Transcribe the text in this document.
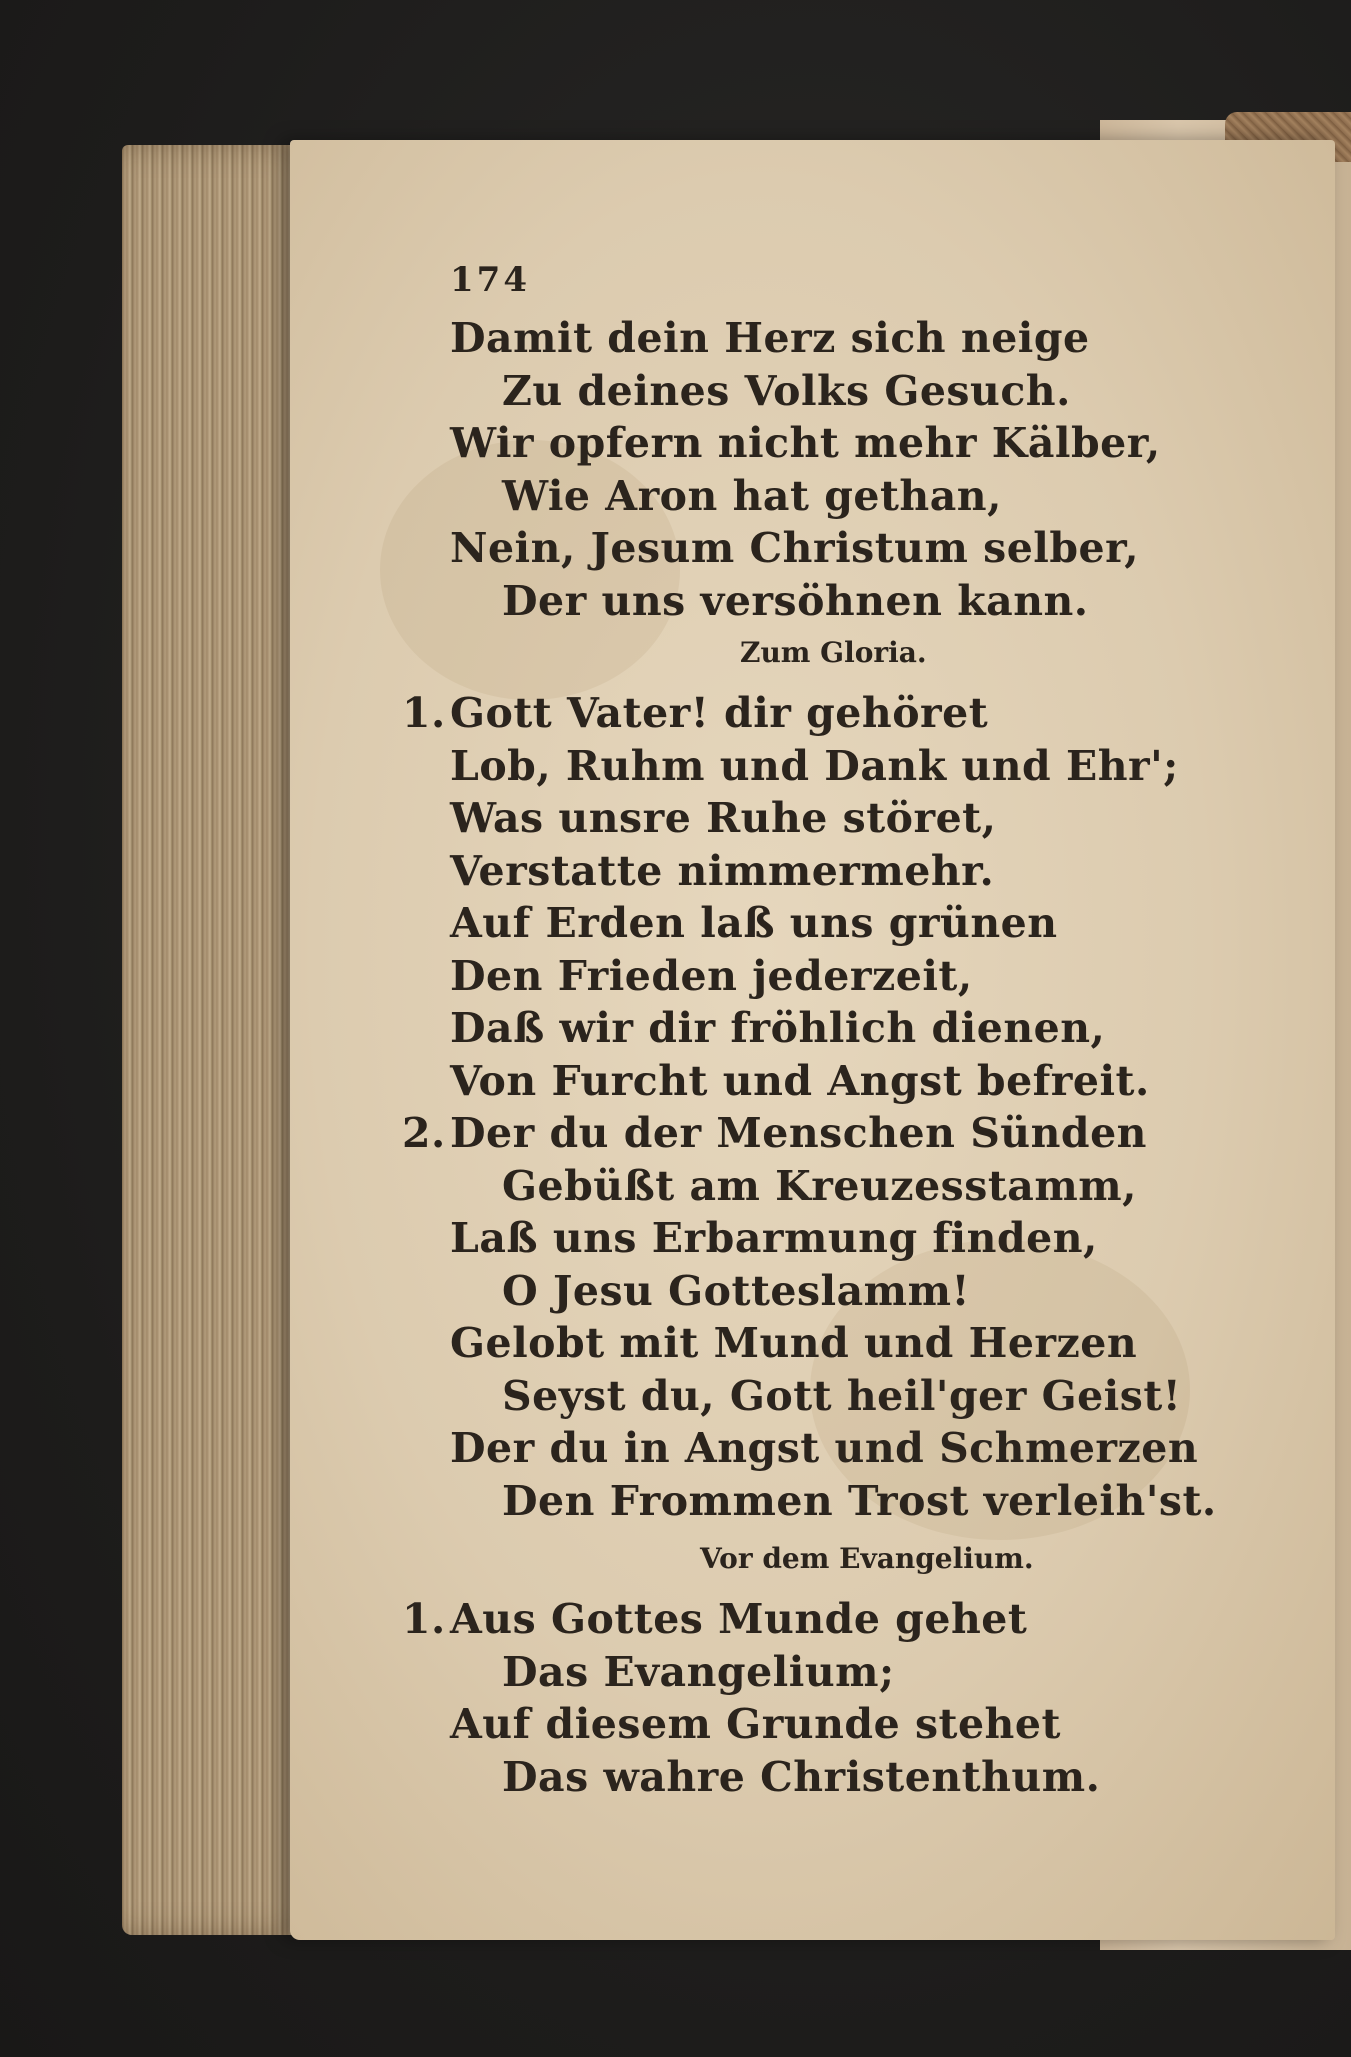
174
Damit dein Herz sich neige
Zu deines Volks Gesuch.
Wir opfern nicht mehr Kälber,
Wie Aron hat gethan,
Nein, Jesum Christum selber,
Der uns versöhnen kann.
Zum Gloria.
1. Gott Vater! dir gehöret
Lob, Ruhm und Dank und Ehr';
Was unsre Ruhe störet,
Verstatte nimmermehr.
Auf Erden laß uns grünen
Den Frieden jederzeit,
Daß wir dir fröhlich dienen,
Von Furcht und Angst befreit.
2. Der du der Menschen Sünden
Gebüßt am Kreuzesstamm,
Laß uns Erbarmung finden,
O Jesu Gotteslamm!
Gelobt mit Mund und Herzen
Seyst du, Gott heil'ger Geist!
Der du in Angst und Schmerzen
Den Frommen Trost verleih'st.
Vor dem Evangelium.
1. Aus Gottes Munde gehet
Das Evangelium;
Auf diesem Grunde stehet
Das wahre Christenthum.
